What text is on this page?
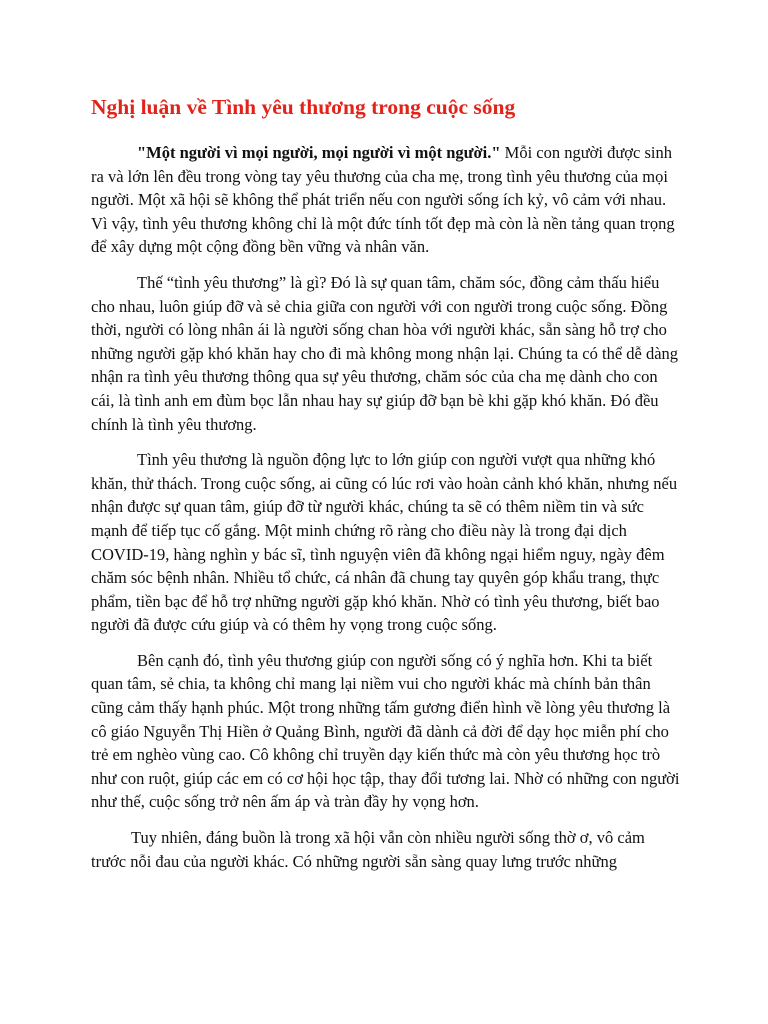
Nghị luận về Tình yêu thương trong cuộc sống

"Một người vì mọi người, mọi người vì một người." Mỗi con người được sinh ra và lớn lên đều trong vòng tay yêu thương của cha mẹ, trong tình yêu thương của mọi người. Một xã hội sẽ không thể phát triển nếu con người sống ích kỷ, vô cảm với nhau. Vì vậy, tình yêu thương không chỉ là một đức tính tốt đẹp mà còn là nền tảng quan trọng để xây dựng một cộng đồng bền vững và nhân văn.

Thế “tình yêu thương” là gì? Đó là sự quan tâm, chăm sóc, đồng cảm thấu hiểu cho nhau, luôn giúp đỡ và sẻ chia giữa con người với con người trong cuộc sống. Đồng thời, người có lòng nhân ái là người sống chan hòa với người khác, sẵn sàng hỗ trợ cho những người gặp khó khăn hay cho đi mà không mong nhận lại. Chúng ta có thể dễ dàng nhận ra tình yêu thương thông qua sự yêu thương, chăm sóc của cha mẹ dành cho con cái, là tình anh em đùm bọc lẫn nhau hay sự giúp đỡ bạn bè khi gặp khó khăn. Đó đều chính là tình yêu thương.

Tình yêu thương là nguồn động lực to lớn giúp con người vượt qua những khó khăn, thử thách. Trong cuộc sống, ai cũng có lúc rơi vào hoàn cảnh khó khăn, nhưng nếu nhận được sự quan tâm, giúp đỡ từ người khác, chúng ta sẽ có thêm niềm tin và sức mạnh để tiếp tục cố gắng. Một minh chứng rõ ràng cho điều này là trong đại dịch COVID-19, hàng nghìn y bác sĩ, tình nguyện viên đã không ngại hiểm nguy, ngày đêm chăm sóc bệnh nhân. Nhiều tổ chức, cá nhân đã chung tay quyên góp khẩu trang, thực phẩm, tiền bạc để hỗ trợ những người gặp khó khăn. Nhờ có tình yêu thương, biết bao người đã được cứu giúp và có thêm hy vọng trong cuộc sống.

Bên cạnh đó, tình yêu thương giúp con người sống có ý nghĩa hơn. Khi ta biết quan tâm, sẻ chia, ta không chỉ mang lại niềm vui cho người khác mà chính bản thân cũng cảm thấy hạnh phúc. Một trong những tấm gương điển hình về lòng yêu thương là cô giáo Nguyễn Thị Hiền ở Quảng Bình, người đã dành cả đời để dạy học miễn phí cho trẻ em nghèo vùng cao. Cô không chỉ truyền dạy kiến thức mà còn yêu thương học trò như con ruột, giúp các em có cơ hội học tập, thay đổi tương lai. Nhờ có những con người như thế, cuộc sống trở nên ấm áp và tràn đầy hy vọng hơn.

Tuy nhiên, đáng buồn là trong xã hội vẫn còn nhiều người sống thờ ơ, vô cảm trước nỗi đau của người khác. Có những người sẵn sàng quay lưng trước những
